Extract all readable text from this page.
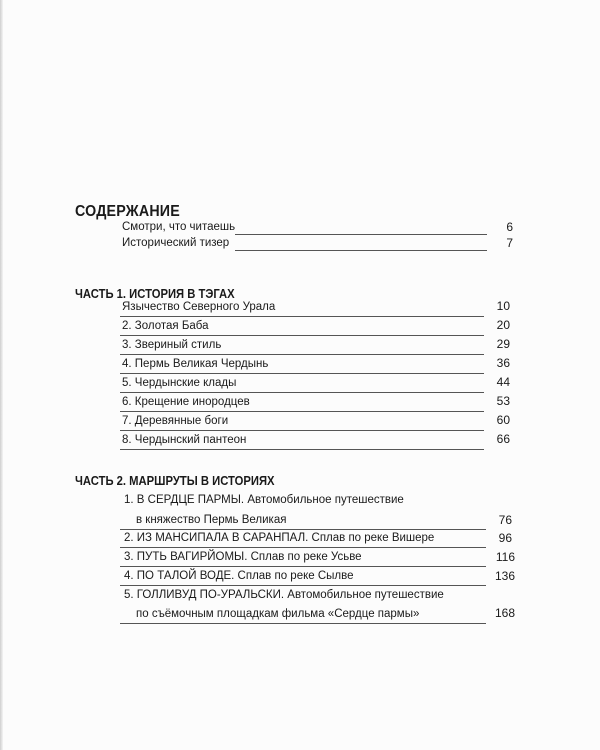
СОДЕРЖАНИЕ
Смотри, что читаешь	6
Исторический тизер	7
ЧАСТЬ 1. ИСТОРИЯ В ТЭГАХ
Язычество Северного Урала	10
2. Золотая Баба	20
3. Звериный стиль	29
4. Пермь Великая Чердынь	36
5. Чердынские клады	44
6. Крещение инородцев	53
7. Деревянные боги	60
8. Чердынский пантеон	66
ЧАСТЬ 2. МАРШРУТЫ В ИСТОРИЯХ
1. В СЕРДЦЕ ПАРМЫ. Автомобильное путешествие
в княжество Пермь Великая	76
2. ИЗ МАНСИПАЛА В САРАНПАЛ. Сплав по реке Вишере	96
3. ПУТЬ ВАГИРЙОМЫ. Сплав по реке Усьве	116
4. ПО ТАЛОЙ ВОДЕ. Сплав по реке Сылве	136
5. ГОЛЛИВУД ПО-УРАЛЬСКИ. Автомобильное путешествие
по съёмочным площадкам фильма «Сердце пармы»	168
